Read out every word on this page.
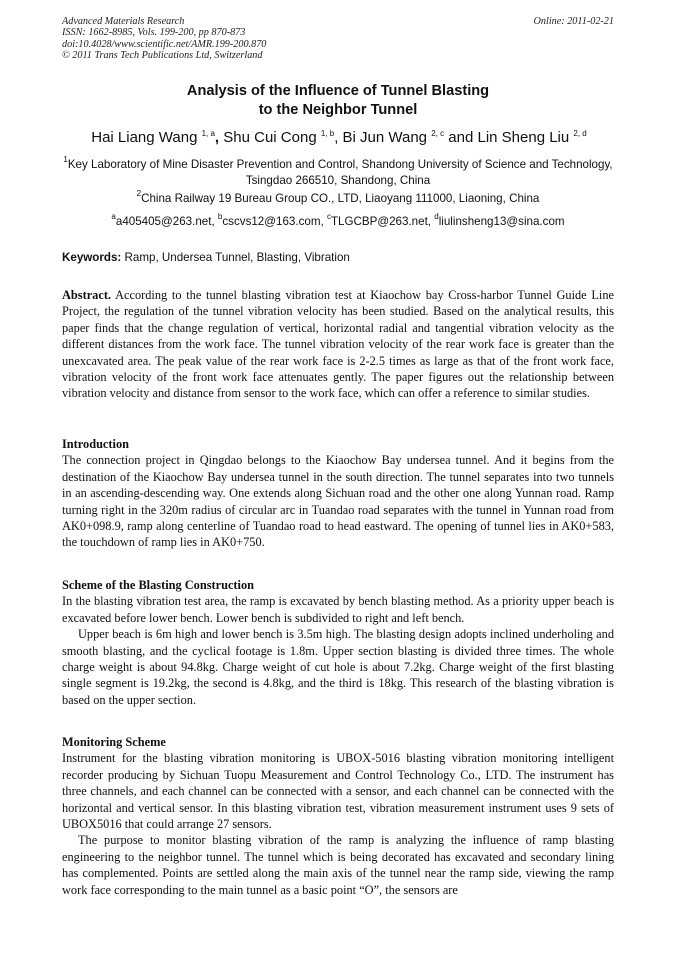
Advanced Materials Research
ISSN: 1662-8985, Vols. 199-200, pp 870-873
doi:10.4028/www.scientific.net/AMR.199-200.870
© 2011 Trans Tech Publications Ltd, Switzerland
Online: 2011-02-21
Analysis of the Influence of Tunnel Blasting
to the Neighbor Tunnel
Hai Liang Wang $^{1, a}$, Shu Cui Cong $^{1, b}$, Bi Jun Wang $^{2, c}$ and Lin Sheng Liu $^{2, d}$
$^1$Key Laboratory of Mine Disaster Prevention and Control, Shandong University of Science and Technology, Tsingdao 266510, Shandong, China
$^2$China Railway 19 Bureau Group CO., LTD, Liaoyang 111000, Liaoning, China
$^a$a405405@263.net, $^b$cscvs12@163.com, $^c$TLGCBP@263.net, $^d$liulinsheng13@sina.com
Keywords: Ramp, Undersea Tunnel, Blasting, Vibration

Abstract. According to the tunnel blasting vibration test at Kiaochow bay Cross-harbor Tunnel Guide Line Project, the regulation of the tunnel vibration velocity has been studied. Based on the analytical results, this paper finds that the change regulation of vertical, horizontal radial and tangential vibration velocity as the different distances from the work face. The tunnel vibration velocity of the rear work face is greater than the unexcavated area. The peak value of the rear work face is 2-2.5 times as large as that of the front work face, vibration velocity of the front work face attenuates gently. The paper figures out the relationship between vibration velocity and distance from sensor to the work face, which can offer a reference to similar studies.

Introduction

The connection project in Qingdao belongs to the Kiaochow Bay undersea tunnel. And it begins from the destination of the Kiaochow Bay undersea tunnel in the south direction. The tunnel separates into two tunnels in an ascending-descending way. One extends along Sichuan road and the other one along Yunnan road. Ramp turning right in the 320m radius of circular arc in Tuandao road separates with the tunnel in Yunnan road from AK0+098.9, ramp along centerline of Tuandao road to head eastward. The opening of tunnel lies in AK0+583, the touchdown of ramp lies in AK0+750.

Scheme of the Blasting Construction

In the blasting vibration test area, the ramp is excavated by bench blasting method. As a priority upper beach is excavated before lower bench. Lower bench is subdivided to right and left bench.

Upper beach is 6m high and lower bench is 3.5m high. The blasting design adopts inclined underholing and smooth blasting, and the cyclical footage is 1.8m. Upper section blasting is divided three times. The whole charge weight is about 94.8kg. Charge weight of cut hole is about 7.2kg. Charge weight of the first blasting single segment is 19.2kg, the second is 4.8kg, and the third is 18kg. This research of the blasting vibration is based on the upper section.

Monitoring Scheme

Instrument for the blasting vibration monitoring is UBOX-5016 blasting vibration monitoring intelligent recorder producing by Sichuan Tuopu Measurement and Control Technology Co., LTD. The instrument has three channels, and each channel can be connected with a sensor, and each channel can be connected with the horizontal and vertical sensor. In this blasting vibration test, vibration measurement instrument uses 9 sets of UBOX5016 that could arrange 27 sensors.

The purpose to monitor blasting vibration of the ramp is analyzing the influence of ramp blasting engineering to the neighbor tunnel. The tunnel which is being decorated has excavated and secondary lining has complemented. Points are settled along the main axis of the tunnel near the ramp side, viewing the ramp work face corresponding to the main tunnel as a basic point “O”, the sensors are
